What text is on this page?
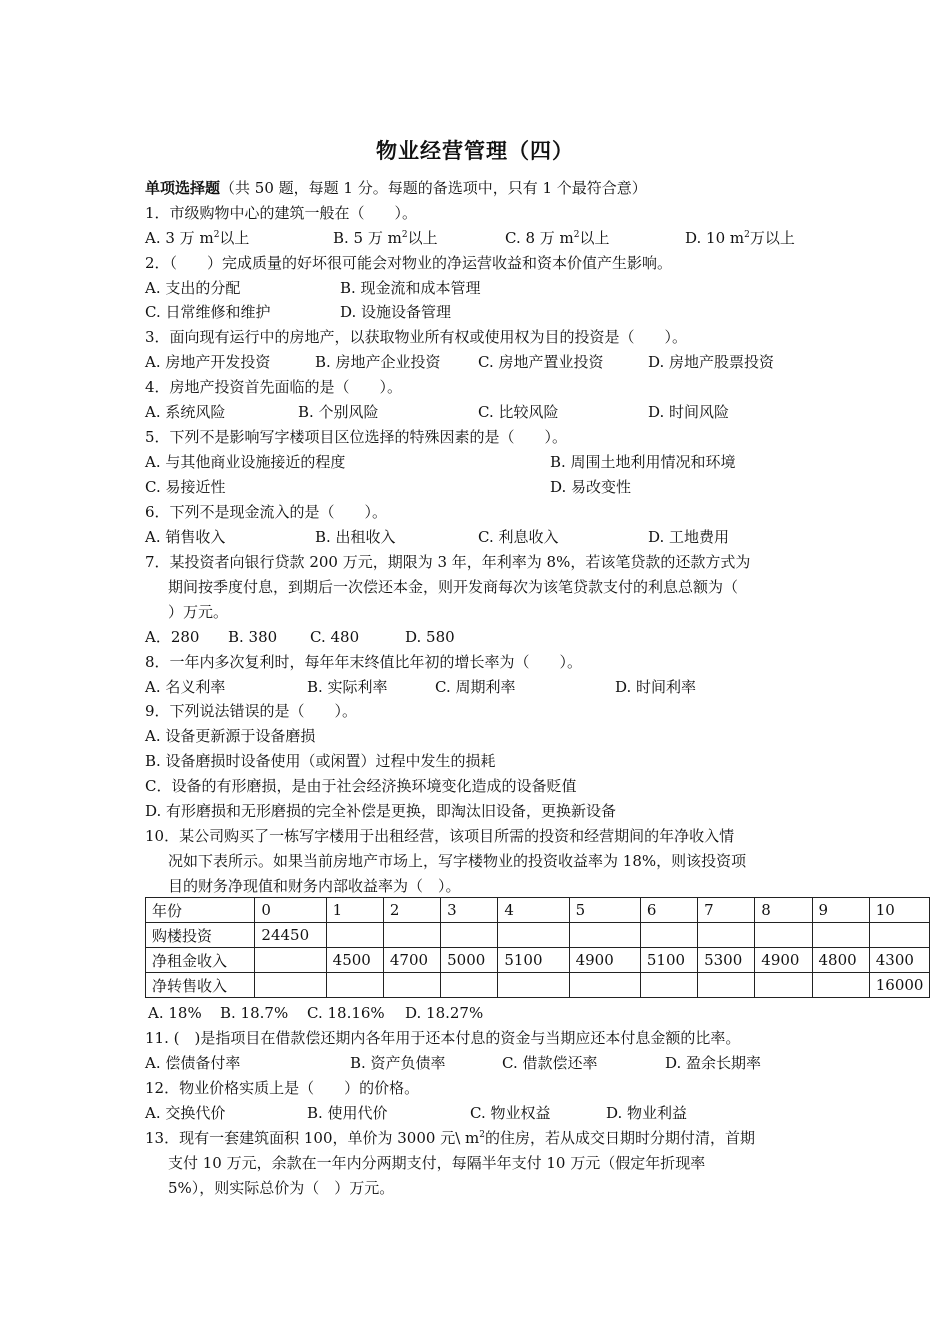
物业经营管理（四）
单项选择题（共 50 题，每题 1 分。每题的备选项中，只有 1 个最符合意）
1．市级购物中心的建筑一般在（　　）。
A. 3 万 $m^2$以上	B. 5 万 $m^2$以上	C. 8 万 $m^2$以上	D. 10 $m^2$万以上
2．（　　）完成质量的好坏很可能会对物业的净运营收益和资本价值产生影响。
A. 支出的分配	B. 现金流和成本管理
C. 日常维修和维护	D. 设施设备管理
3．面向现有运行中的房地产，以获取物业所有权或使用权为目的投资是（　　）。
A. 房地产开发投资	B. 房地产企业投资 C. 房地产置业投资	D. 房地产股票投资
4．房地产投资首先面临的是（　　）。
A. 系统风险	B. 个别风险	C. 比较风险	D. 时间风险
5．下列不是影响写字楼项目区位选择的特殊因素的是（　　）。
A. 与其他商业设施接近的程度	B. 周围土地利用情况和环境
C. 易接近性	D. 易改变性
6．下列不是现金流入的是（　　）。
A. 销售收入	B. 出租收入	C. 利息收入	D. 工地费用
7．某投资者向银行贷款 200 万元，期限为 3 年，年利率为 8%，若该笔贷款的还款方式为
期间按季度付息，到期后一次偿还本金，则开发商每次为该笔贷款支付的利息总额为（
）万元。
A．280 B. 380 C. 480	D. 580
8．一年内多次复利时，每年年末终值比年初的增长率为（　　）。
A. 名义利率	B. 实际利率	C. 周期利率	D. 时间利率
9．下列说法错误的是（　　）。
A. 设备更新源于设备磨损
B. 设备磨损时设备使用（或闲置）过程中发生的损耗
C．设备的有形磨损，是由于社会经济换环境变化造成的设备贬值
D. 有形磨损和无形磨损的完全补偿是更换，即淘汰旧设备，更换新设备
10．某公司购买了一栋写字楼用于出租经营，该项目所需的投资和经营期间的年净收入情
况如下表所示。如果当前房地产市场上，写字楼物业的投资收益率为 18%，则该投资项
目的财务净现值和财务内部收益率为（　）。
年份	0	1	2	3	4	5	6	7	8	9	10
购楼投资	24450										
净租金收入		4500	4700	5000	5100	4900	5100	5300	4900	4800	4300
净转售收入											16000
A. 18% B. 18.7% C. 18.16% D. 18.27%
11. (　)是指项目在借款偿还期内各年用于还本付息的资金与当期应还本付息金额的比率。
A. 偿债备付率	B. 资产负债率	C. 借款偿还率	D. 盈余长期率
12．物业价格实质上是（　　）的价格。
A. 交换代价	B. 使用代价	C. 物业权益	D. 物业利益
13．现有一套建筑面积 100，单价为 3000 元\ $m^2$的住房，若从成交日期时分期付清，首期
支付 10 万元，余款在一年内分两期支付，每隔半年支付 10 万元（假定年折现率
5%），则实际总价为（　）万元。
